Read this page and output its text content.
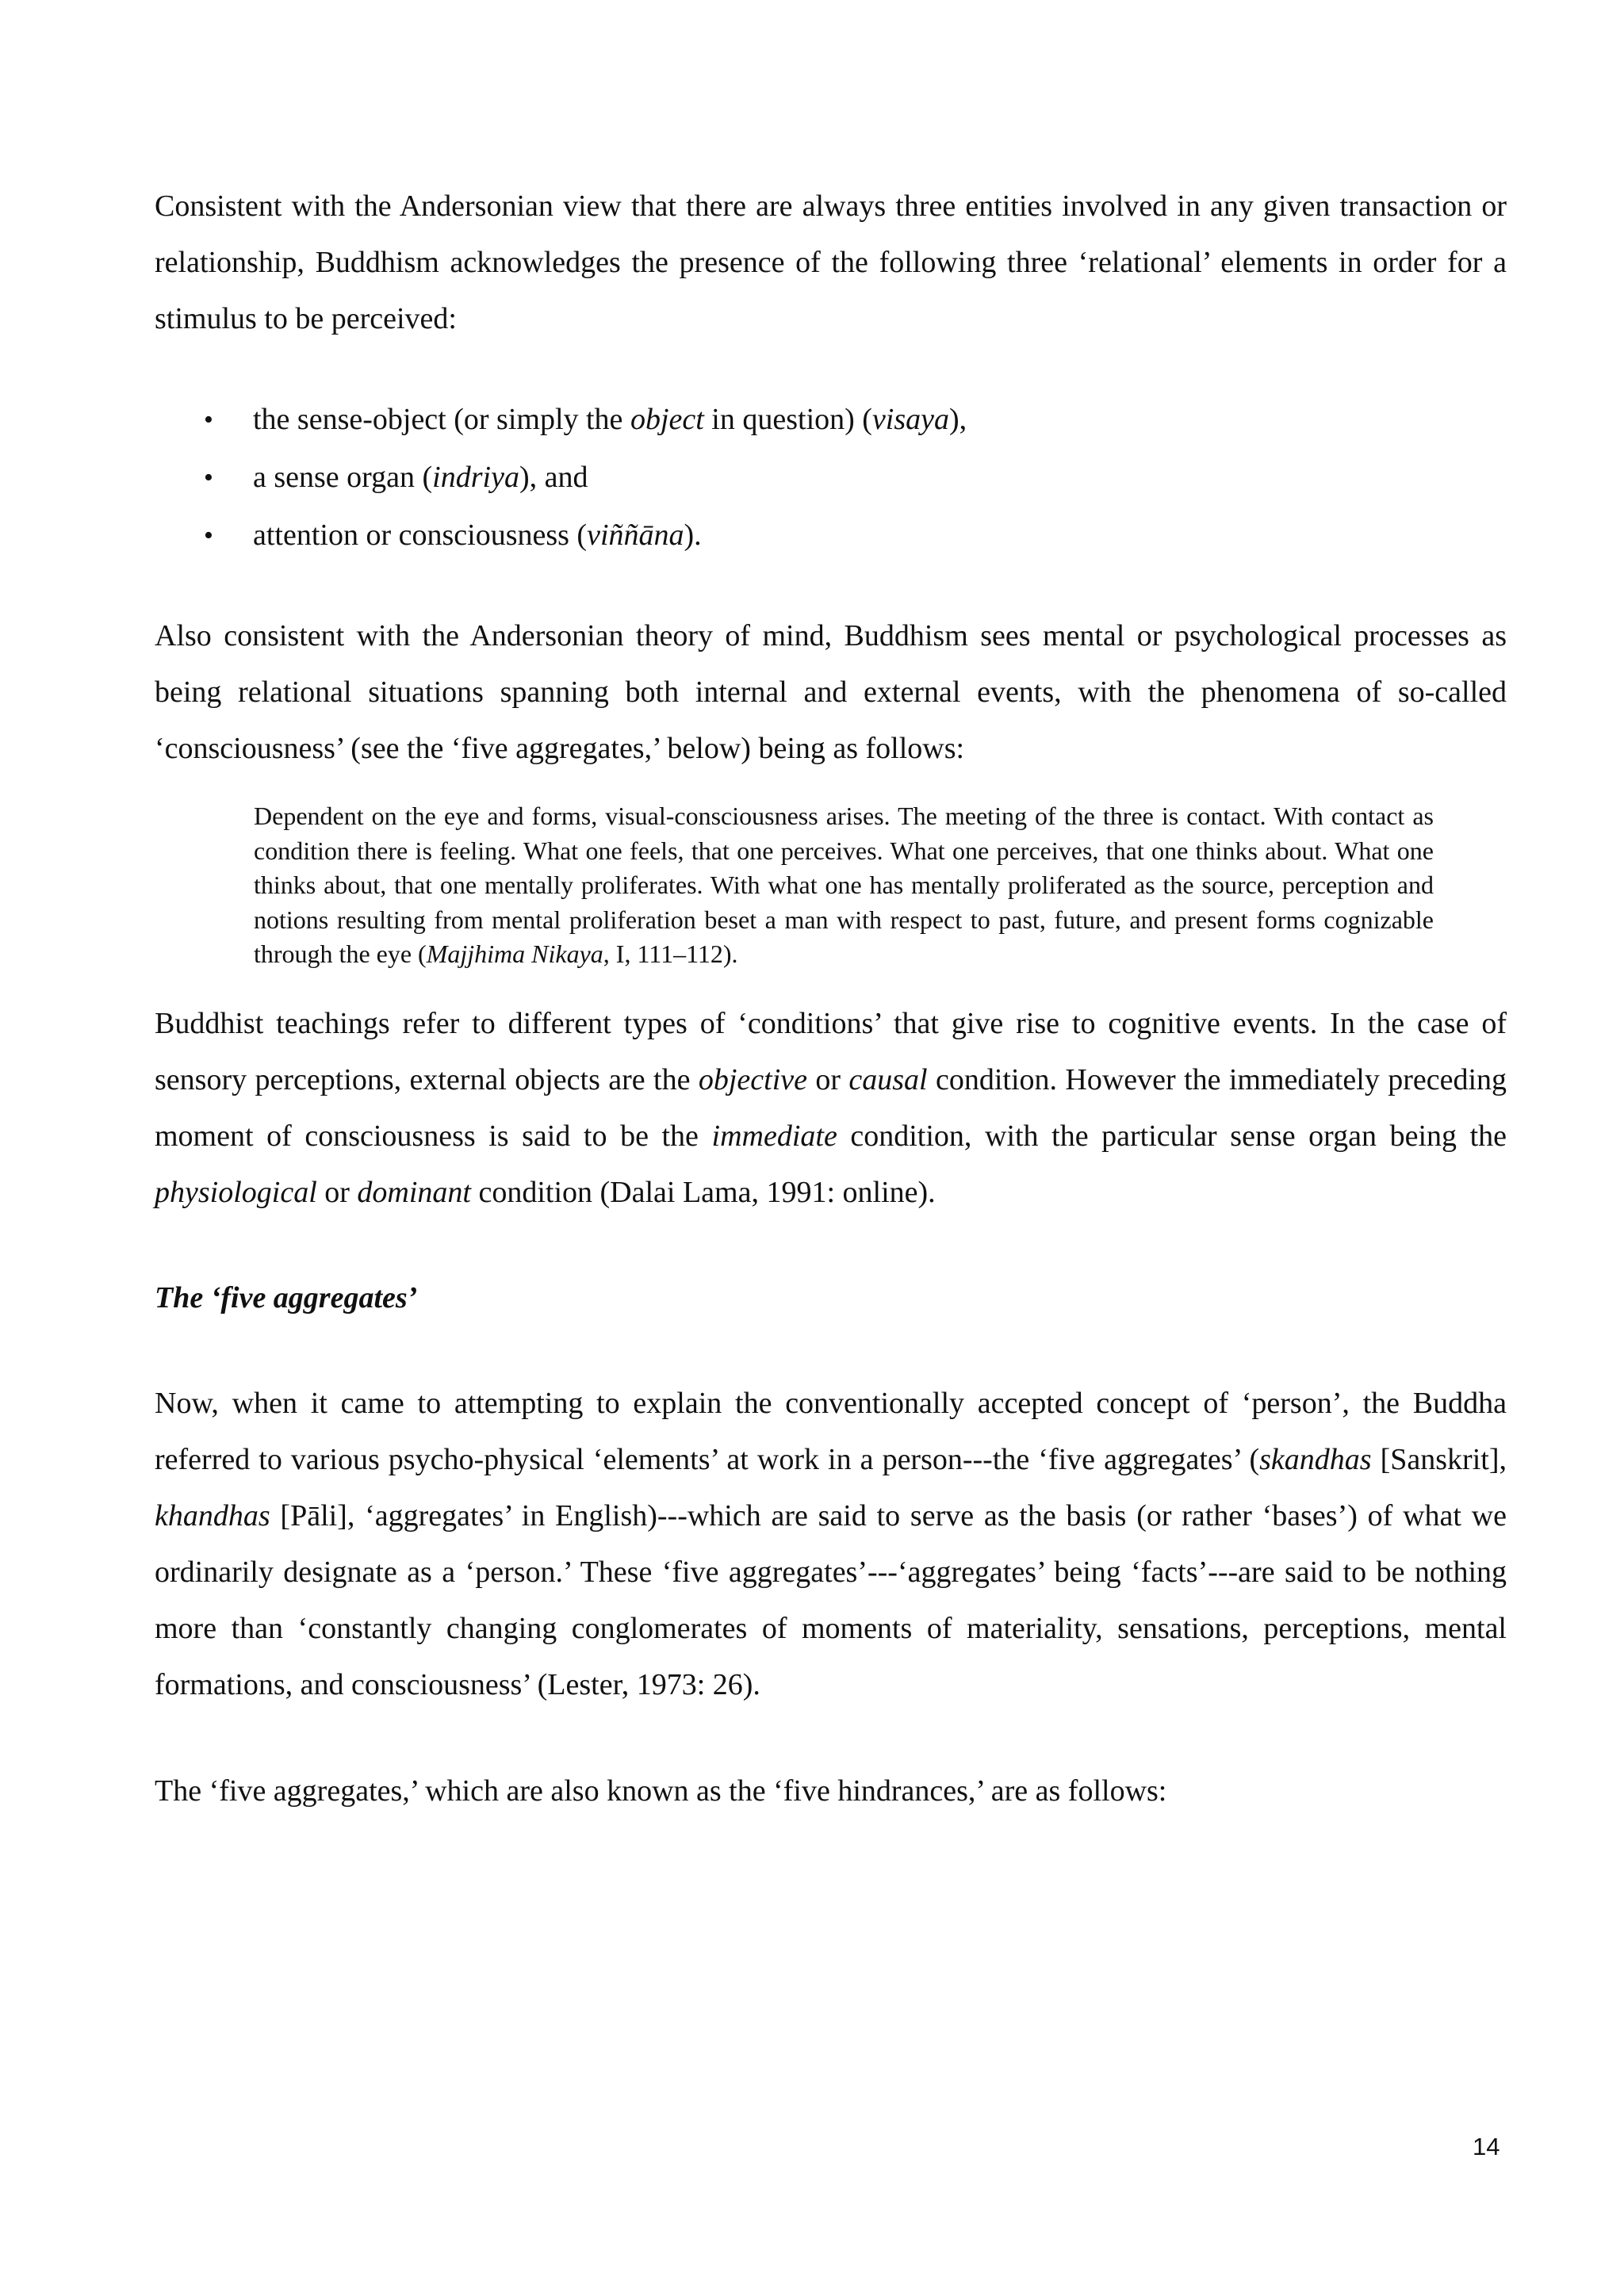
Consistent with the Andersonian view that there are always three entities involved in any given transaction or relationship, Buddhism acknowledges the presence of the following three ‘relational’ elements in order for a stimulus to be perceived:

• the sense-object (or simply the object in question) (visaya),
• a sense organ (indriya), and
• attention or consciousness (viññāna).

Also consistent with the Andersonian theory of mind, Buddhism sees mental or psychological processes as being relational situations spanning both internal and external events, with the phenomena of so-called ‘consciousness’ (see the ‘five aggregates,’ below) being as follows:

Dependent on the eye and forms, visual-consciousness arises. The meeting of the three is contact. With contact as condition there is feeling. What one feels, that one perceives. What one perceives, that one thinks about. What one thinks about, that one mentally proliferates. With what one has mentally proliferated as the source, perception and notions resulting from mental proliferation beset a man with respect to past, future, and present forms cognizable through the eye (Majjhima Nikaya, I, 111–112).

Buddhist teachings refer to different types of ‘conditions’ that give rise to cognitive events. In the case of sensory perceptions, external objects are the objective or causal condition. However the immediately preceding moment of consciousness is said to be the immediate condition, with the particular sense organ being the physiological or dominant condition (Dalai Lama, 1991: online).

The ‘five aggregates’

Now, when it came to attempting to explain the conventionally accepted concept of ‘person’, the Buddha referred to various psycho-physical ‘elements’ at work in a person---the ‘five aggregates’ (skandhas [Sanskrit], khandhas [Pāli], ‘aggregates’ in English)---which are said to serve as the basis (or rather ‘bases’) of what we ordinarily designate as a ‘person.’ These ‘five aggregates’---‘aggregates’ being ‘facts’---are said to be nothing more than ‘constantly changing conglomerates of moments of materiality, sensations, perceptions, mental formations, and consciousness’ (Lester, 1973: 26).

The ‘five aggregates,’ which are also known as the ‘five hindrances,’ are as follows:

14
